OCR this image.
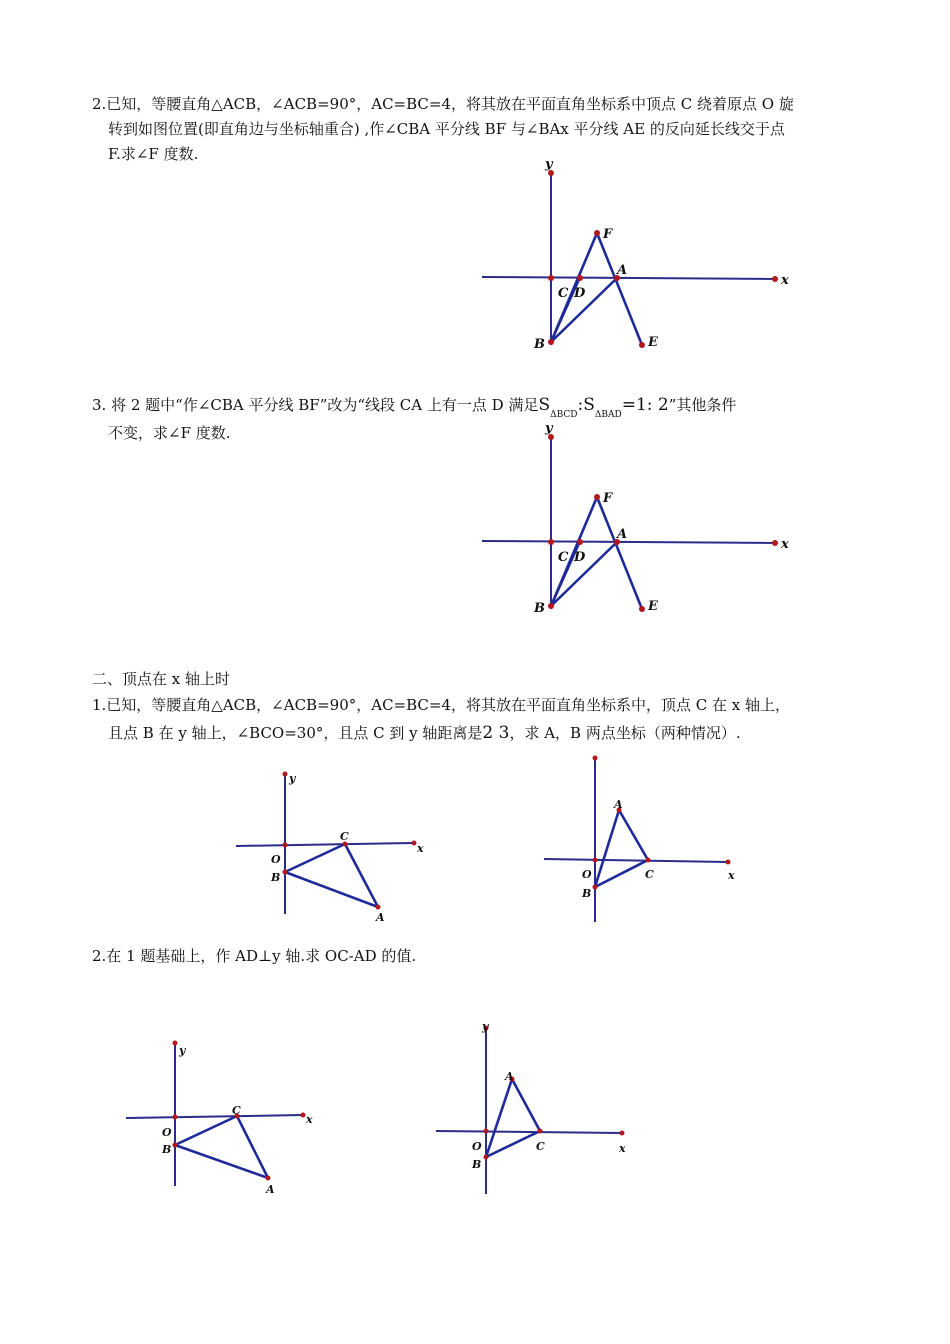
2.已知，等腰直角△ACB，∠ACB=90°，AC=BC=4，将其放在平面直角坐标系中顶点 C 绕着原点 O 旋
转到如图位置(即直角边与坐标轴重合) ,作∠CBA 平分线 BF 与∠BAx 平分线 AE 的反向延长线交于点
F.求∠F 度数.
y
x
F
A
C D
B	E
3. 将 2 题中“作∠CBA 平分线 BF”改为“线段 CA 上有一点 D 满足$S_{\Delta BCD}:S_{\Delta BAD}=1$: 2”其他条件
不变，求∠F 度数.	y
x
F
A
C D
B	E
二、顶点在 x 轴上时
1.已知，等腰直角△ACB，∠ACB=90°，AC=BC=4，将其放在平面直角坐标系中，顶点 C 在 x 轴上，
且点 B 在 y 轴上，∠BCO=30°，且点 C 到 y 轴距离是2 3，求 A，B 两点坐标（两种情况）.
y
x
C
O
B
A
x
A
O	C
B
2.在 1 题基础上，作 AD⊥y 轴.求 OC-AD 的值.
y
x
C
O
B
A
y
x
A
O	C
B
